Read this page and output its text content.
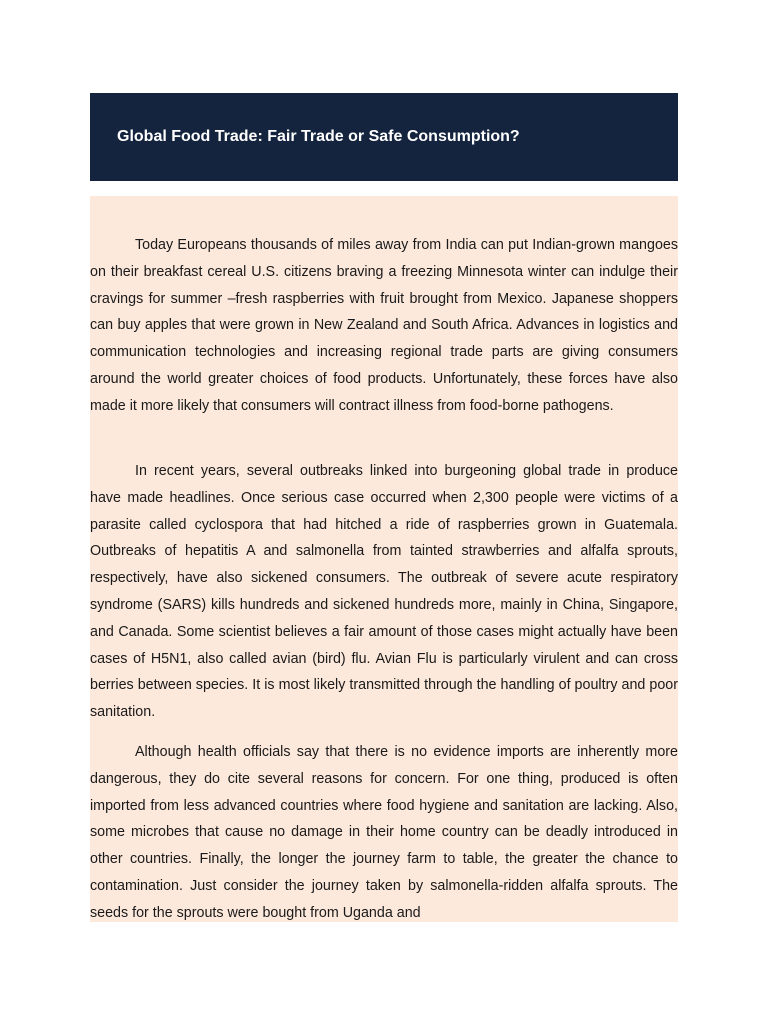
Global Food Trade: Fair Trade or Safe Consumption?

Today Europeans thousands of miles away from India can put Indian-grown mangoes on their breakfast cereal U.S. citizens braving a freezing Minnesota winter can indulge their cravings for summer –fresh raspberries with fruit brought from Mexico. Japanese shoppers can buy apples that were grown in New Zealand and South Africa. Advances in logistics and communication technologies and increasing regional trade parts are giving consumers around the world greater choices of food products. Unfortunately, these forces have also made it more likely that consumers will contract illness from food-borne pathogens.

In recent years, several outbreaks linked into burgeoning global trade in produce have made headlines. Once serious case occurred when 2,300 people were victims of a parasite called cyclospora that had hitched a ride of raspberries grown in Guatemala. Outbreaks of hepatitis A and salmonella from tainted strawberries and alfalfa sprouts, respectively, have also sickened consumers. The outbreak of severe acute respiratory syndrome (SARS) kills hundreds and sickened hundreds more, mainly in China, Singapore, and Canada. Some scientist believes a fair amount of those cases might actually have been cases of H5N1, also called avian (bird) flu. Avian Flu is particularly virulent and can cross berries between species. It is most likely transmitted through the handling of poultry and poor sanitation.

Although health officials say that there is no evidence imports are inherently more dangerous, they do cite several reasons for concern. For one thing, produced is often imported from less advanced countries where food hygiene and sanitation are lacking. Also, some microbes that cause no damage in their home country can be deadly introduced in other countries. Finally, the longer the journey farm to table, the greater the chance to contamination. Just consider the journey taken by salmonella-ridden alfalfa sprouts. The seeds for the sprouts were bought from Uganda and
